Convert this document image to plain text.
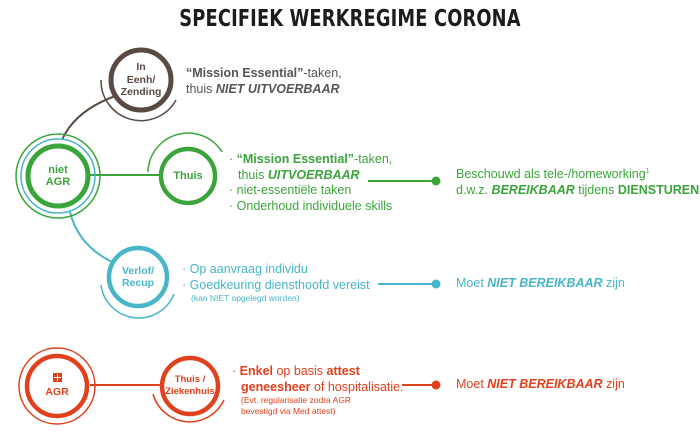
SPECIFIEK WERKREGIME CORONA
In
Eenh/
Zending
niet
AGR
Thuis
Verlof/
Recup
AGR
Thuis /
Ziekenhuis
“Mission Essential”-taken,
thuis NIET UITVOERBAAR
· “Mission Essential”-taken,
thuis UITVOERBAAR
· niet-essentiële taken
· Onderhoud individuele skills
Beschouwd als tele-/homeworking$^1$
d.w.z. BEREIKBAAR tijdens DIENSTUREN
· Op aanvraag individu
· Goedkeuring diensthoofd vereist
(kan NIET opgelegd worden)
Moet NIET BEREIKBAAR zijn
· Enkel op basis attest
geneesheer of hospitalisatie.
(Evt. regularisatie zodra AGR
bevestigd via Med attest)
Moet NIET BEREIKBAAR zijn
